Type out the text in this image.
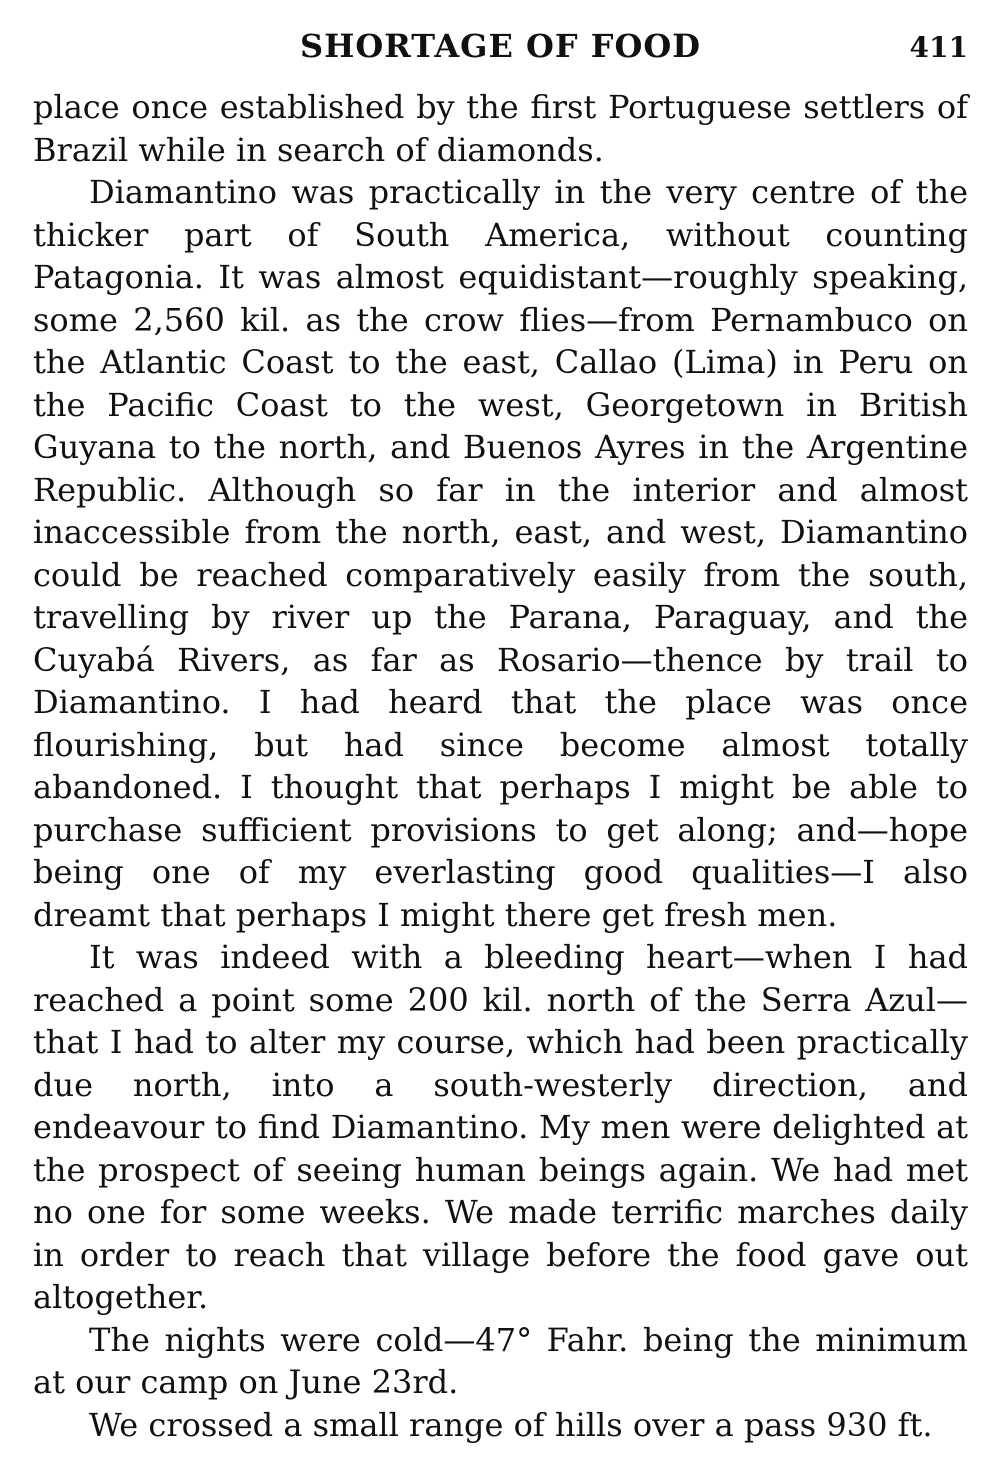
SHORTAGE OF FOOD	411

place once established by the first Portuguese settlers of Brazil while in search of diamonds.

Diamantino was practically in the very centre of the thicker part of South America, without counting Patagonia. It was almost equidistant—roughly speaking, some 2,560 kil. as the crow flies—from Pernambuco on the Atlantic Coast to the east, Callao (Lima) in Peru on the Pacific Coast to the west, Georgetown in British Guyana to the north, and Buenos Ayres in the Argentine Republic. Although so far in the interior and almost inaccessible from the north, east, and west, Diamantino could be reached comparatively easily from the south, travelling by river up the Parana, Paraguay, and the Cuyabá Rivers, as far as Rosario—thence by trail to Diamantino. I had heard that the place was once flourishing, but had since become almost totally abandoned. I thought that perhaps I might be able to purchase sufficient provisions to get along; and—hope being one of my everlasting good qualities—I also dreamt that perhaps I might there get fresh men.

It was indeed with a bleeding heart—when I had reached a point some 200 kil. north of the Serra Azul—that I had to alter my course, which had been practically due north, into a south-westerly direction, and endeavour to find Diamantino. My men were delighted at the prospect of seeing human beings again. We had met no one for some weeks. We made terrific marches daily in order to reach that village before the food gave out altogether.

The nights were cold—47° Fahr. being the minimum at our camp on June 23rd.

We crossed a small range of hills over a pass 930 ft.
